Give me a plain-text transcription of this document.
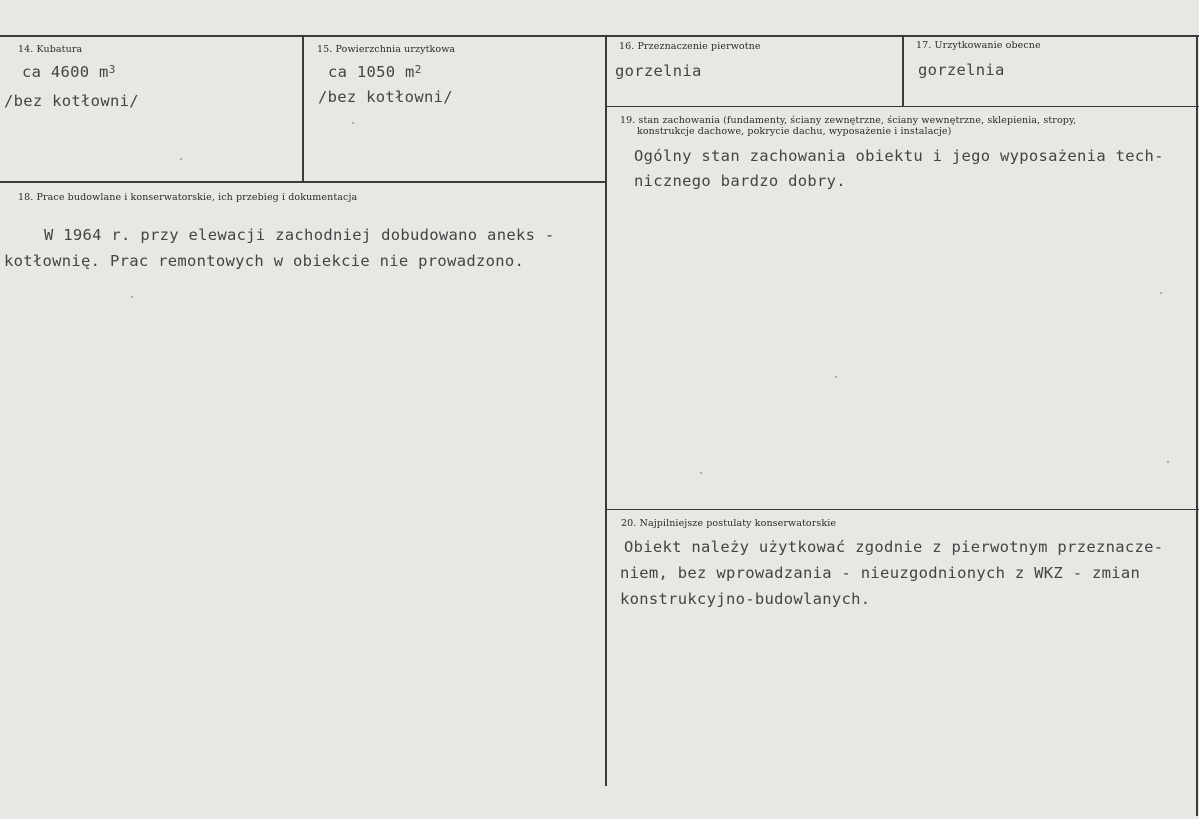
14. Kubatura
ca 4600 $m^3$
/bez kotłowni/
15. Powierzchnia urzytkowa
ca 1050 $m^2$
/bez kotłowni/
16. Przeznaczenie pierwotne
gorzelnia
17. Urzytkowanie obecne
gorzelnia
18. Prace budowlane i konserwatorskie, ich przebieg i dokumentacja
W 1964 r. przy elewacji zachodniej dobudowano aneks -
kotłownię. Prac remontowych w obiekcie nie prowadzono.
19. stan zachowania (fundamenty, ściany zewnętrzne, ściany wewnętrzne, sklepienia, stropy,
konstrukcje dachowe, pokrycie dachu, wyposażenie i instalacje)
Ogólny stan zachowania obiektu i jego wyposażenia tech-
nicznego bardzo dobry.
20. Najpilniejsze postulaty konserwatorskie
Obiekt należy użytkować zgodnie z pierwotnym przeznacze-
niem, bez wprowadzania - nieuzgodnionych z WKZ - zmian
konstrukcyjno-budowlanych.
